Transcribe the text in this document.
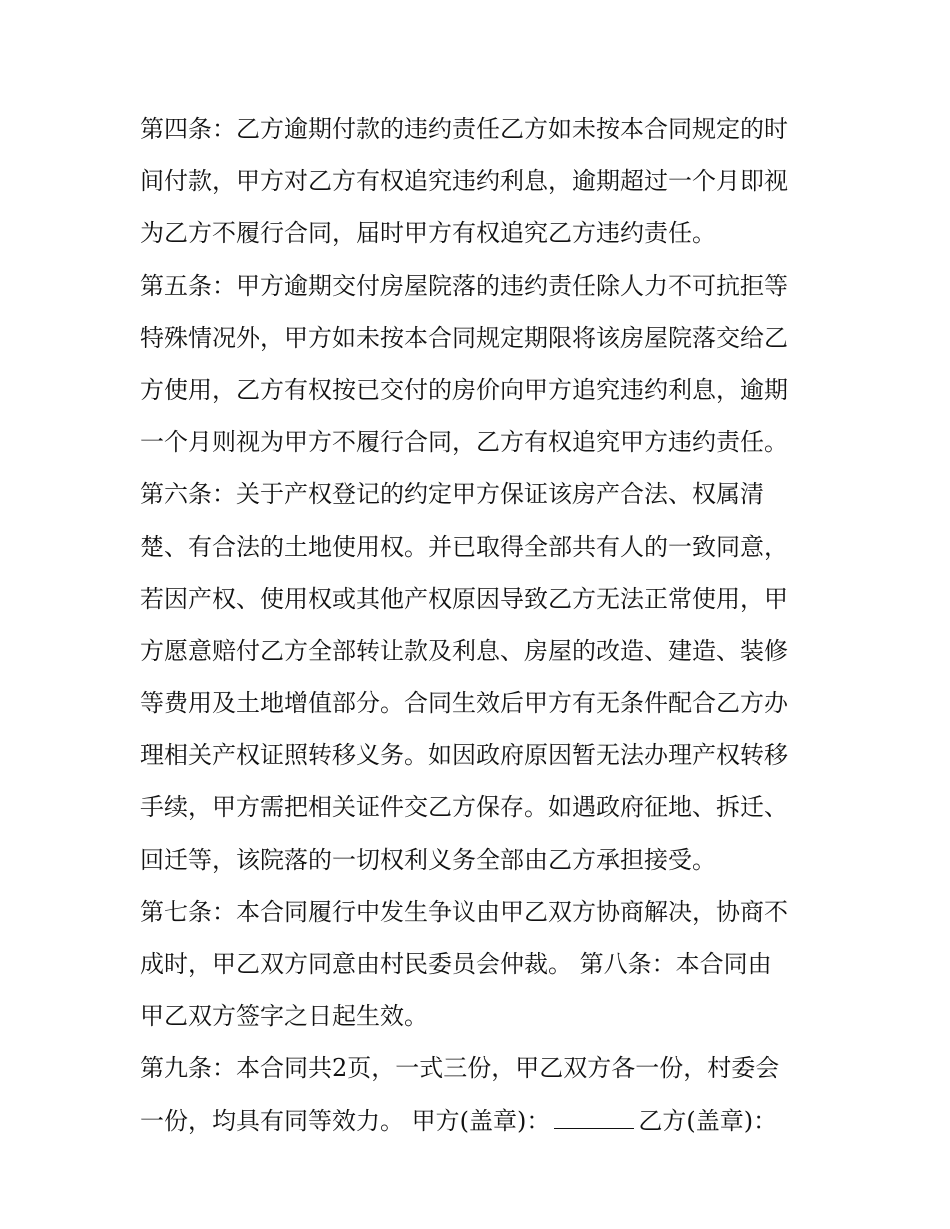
第四条：乙方逾期付款的违约责任乙方如未按本合同规定的时
间付款，甲方对乙方有权追究违约利息，逾期超过一个月即视
为乙方不履行合同，届时甲方有权追究乙方违约责任。
第五条：甲方逾期交付房屋院落的违约责任除人力不可抗拒等
特殊情况外，甲方如未按本合同规定期限将该房屋院落交给乙
方使用，乙方有权按已交付的房价向甲方追究违约利息，逾期
一个月则视为甲方不履行合同，乙方有权追究甲方违约责任。
第六条：关于产权登记的约定甲方保证该房产合法、权属清
楚、有合法的土地使用权。并已取得全部共有人的一致同意，
若因产权、使用权或其他产权原因导致乙方无法正常使用，甲
方愿意赔付乙方全部转让款及利息、房屋的改造、建造、装修
等费用及土地增值部分。合同生效后甲方有无条件配合乙方办
理相关产权证照转移义务。如因政府原因暂无法办理产权转移
手续，甲方需把相关证件交乙方保存。如遇政府征地、拆迁、
回迁等，该院落的一切权利义务全部由乙方承担接受。
第七条：本合同履行中发生争议由甲乙双方协商解决，协商不
成时，甲乙双方同意由村民委员会仲裁。 第八条：本合同由
甲乙双方签字之日起生效。
第九条：本合同共2页，一式三份，甲乙双方各一份，村委会
一份，均具有同等效力。 甲方(盖章)：	乙方(盖章)：
